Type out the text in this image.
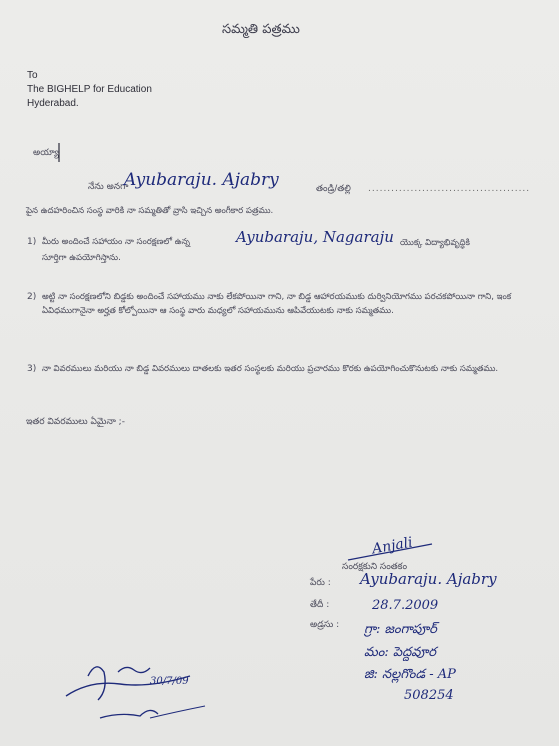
సమ్మతి పత్రము
To
The BIGHELP for Education
Hyderabad.
అయ్యా
నేను అనగా
Ayubaraju. Ajabry	తండ్రి/తల్లి ..........................................
పైన ఉదహరించిన సంస్థ వారికి నా సమ్మతితో వ్రాసి ఇచ్చిన అంగీకార పత్రము.
1) మీరు అందించే సహాయం నా సంరక్షణలో ఉన్న	Ayubaraju, Nagaraju యొక్క విద్యాభివృద్ధికి
సూర్తిగా ఉపయోగిస్తాను.
2) అట్టి నా సంరక్షణలోని బిడ్డకు అందించే సహాయము నాకు లేకపోయినా గాని, నా బిడ్డ ఆహారయముకు దుర్వినియోగము పరచకపోయినా గాని, ఇంక ఏవిధముగానైనా అర్హత కోల్పోయినా ఆ సంస్థ వారు మధ్యలో సహాయమును ఆపివేయుటకు నాకు సమ్మతము.
3) నా వివరములు మరియు నా బిడ్డ వివరములు దాతలకు ఇతర సంస్థలకు మరియు ప్రచారము కొరకు ఉపయోగించుకొనుటకు నాకు సమ్మతము.
ఇతర వివరములు ఏమైనా ;-
Anjali
సంరక్షకుని సంతకం
పేరు : Ayubaraju. Ajabry
తేదీ :	28.7.2009
అడ్రసు : గ్రా: జంగాపూర్
మం: పెద్దవూర
జి: నల్లగొండ - AP
508254
30/7/09
